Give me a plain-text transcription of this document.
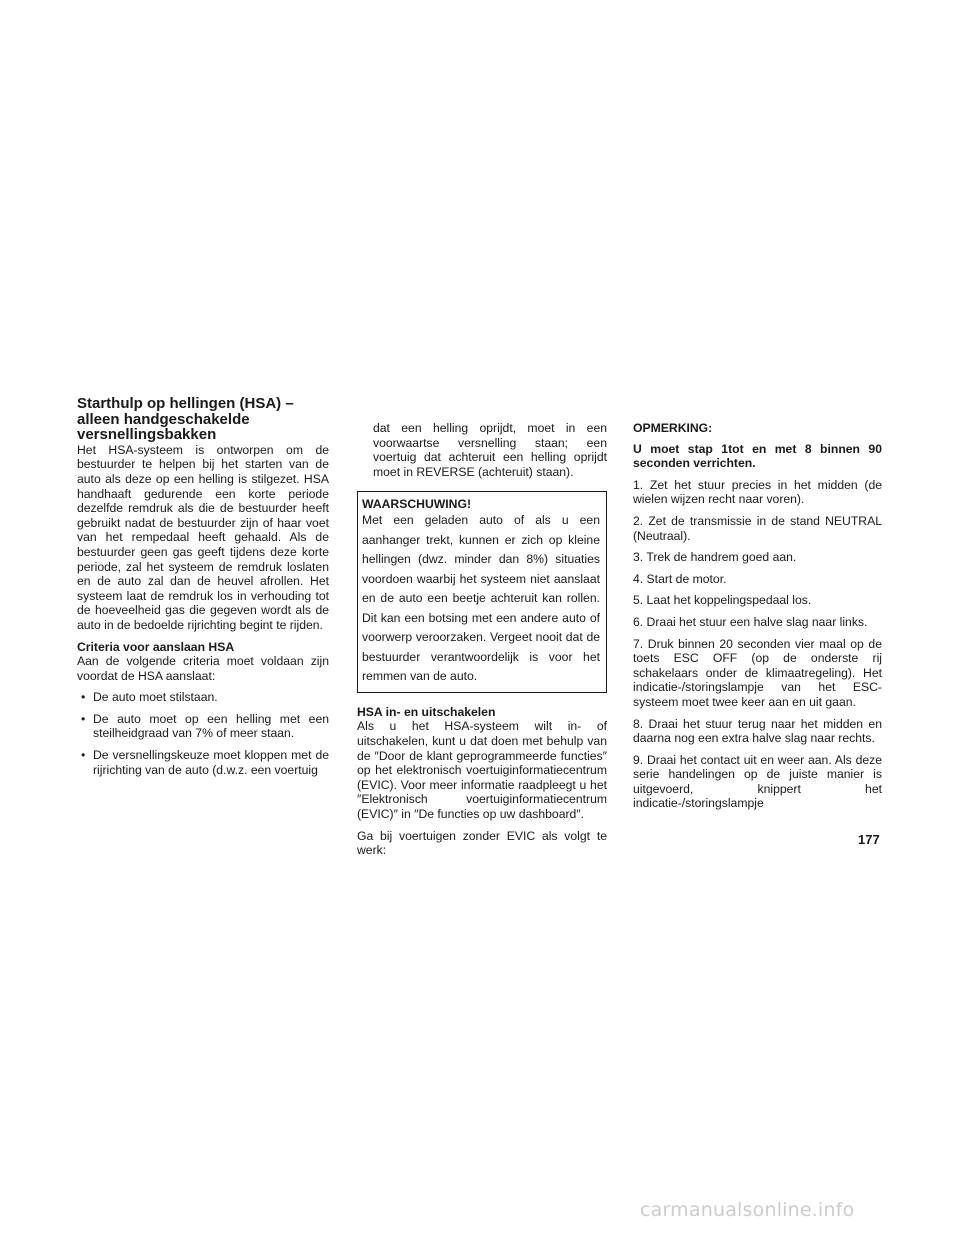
Starthulp op hellingen (HSA) – alleen handgeschakelde versnellingsbakken

Het HSA-systeem is ontworpen om de bestuurder te helpen bij het starten van de auto als deze op een helling is stilgezet. HSA handhaaft gedurende een korte periode dezelfde remdruk als die de bestuurder heeft gebruikt nadat de bestuurder zijn of haar voet van het rempedaal heeft gehaald. Als de bestuurder geen gas geeft tijdens deze korte periode, zal het systeem de remdruk loslaten en de auto zal dan de heuvel afrollen. Het systeem laat de remdruk los in verhouding tot de hoeveelheid gas die gegeven wordt als de auto in de bedoelde rijrichting begint te rijden.

Criteria voor aanslaan HSA

Aan de volgende criteria moet voldaan zijn voordat de HSA aanslaat:

• De auto moet stilstaan.
• De auto moet op een helling met een steilheidgraad van 7% of meer staan.
• De versnellingskeuze moet kloppen met de rijrichting van de auto (d.w.z. een voertuig

dat een helling oprijdt, moet in een voorwaartse versnelling staan; een voertuig dat achteruit een helling oprijdt moet in REVERSE (achteruit) staan).

WAARSCHUWING!
Met een geladen auto of als u een aanhanger trekt, kunnen er zich op kleine hellingen (dwz. minder dan 8%) situaties voordoen waarbij het systeem niet aanslaat en de auto een beetje achteruit kan rollen. Dit kan een botsing met een andere auto of voorwerp veroorzaken. Vergeet nooit dat de bestuurder verantwoordelijk is voor het remmen van de auto.
HSA in- en uitschakelen

Als u het HSA-systeem wilt in- of uitschakelen, kunt u dat doen met behulp van de ″Door de klant geprogrammeerde functies″ op het elektronisch voertuiginformatiecentrum (EVIC). Voor meer informatie raadpleegt u het ″Elektronisch voertuiginformatiecentrum (EVIC)″ in ″De functies op uw dashboard″.

Ga bij voertuigen zonder EVIC als volgt te werk:

OPMERKING:

U moet stap 1tot en met 8 binnen 90 seconden verrichten.

1. Zet het stuur precies in het midden (de wielen wijzen recht naar voren).

2. Zet de transmissie in de stand NEUTRAL (Neutraal).

3. Trek de handrem goed aan.

4. Start de motor.

5. Laat het koppelingspedaal los.

6. Draai het stuur een halve slag naar links.

7. Druk binnen 20 seconden vier maal op de toets ESC OFF (op de onderste rij schakelaars onder de klimaatregeling). Het indicatie-/storingslampje van het ESC-systeem moet twee keer aan en uit gaan.

8. Draai het stuur terug naar het midden en daarna nog een extra halve slag naar rechts.

9. Draai het contact uit en weer aan. Als deze serie handelingen op de juiste manier is uitgevoerd, knippert het indicatie-/storingslampje

177
carmanualsonline.info
